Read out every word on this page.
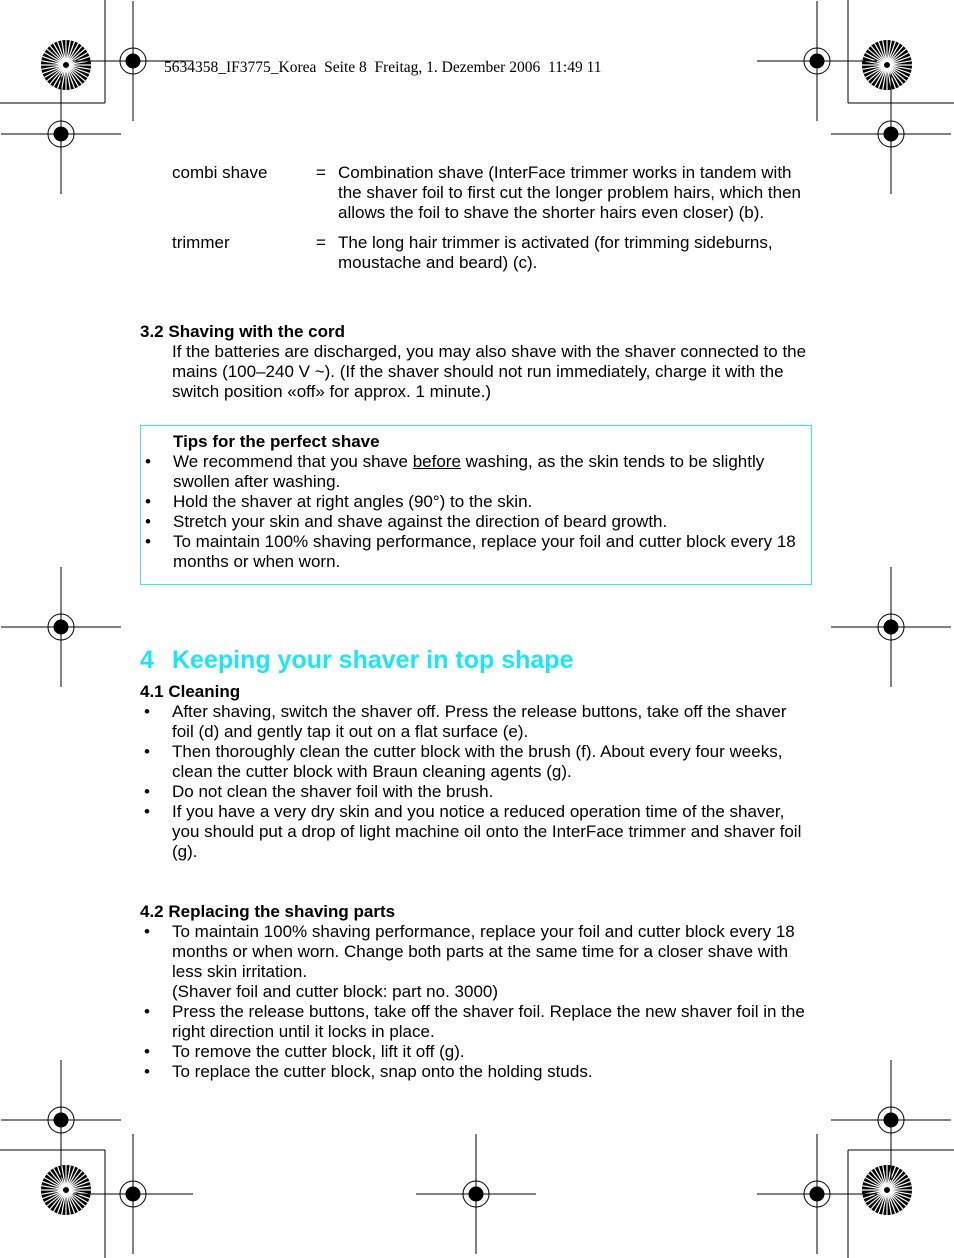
5634358_IF3775_Korea  Seite 8  Freitag, 1. Dezember 2006  11:49 11
combi shave	= Combination shave (InterFace trimmer works in tandem with the shaver foil to first cut the longer problem hairs, which then allows the foil to shave the shorter hairs even closer) (b).
trimmer	= The long hair trimmer is activated (for trimming sideburns, moustache and beard) (c).
3.2 Shaving with the cord
If the batteries are discharged, you may also shave with the shaver connected to the mains (100–240 V ~). (If the shaver should not run immediately, charge it with the switch position «off» for approx. 1 minute.)
Tips for the perfect shave
• We recommend that you shave before washing, as the skin tends to be slightly swollen after washing.
• Hold the shaver at right angles (90°) to the skin.
• Stretch your skin and shave against the direction of beard growth.
• To maintain 100% shaving performance, replace your foil and cutter block every 18 months or when worn.
4 Keeping your shaver in top shape
4.1 Cleaning
• After shaving, switch the shaver off. Press the release buttons, take off the shaver foil (d) and gently tap it out on a flat surface (e).
• Then thoroughly clean the cutter block with the brush (f). About every four weeks, clean the cutter block with Braun cleaning agents (g).
• Do not clean the shaver foil with the brush.
• If you have a very dry skin and you notice a reduced operation time of the shaver, you should put a drop of light machine oil onto the InterFace trimmer and shaver foil (g).
4.2 Replacing the shaving parts
• To maintain 100% shaving performance, replace your foil and cutter block every 18 months or when worn. Change both parts at the same time for a closer shave with less skin irritation.
(Shaver foil and cutter block: part no. 3000)
• Press the release buttons, take off the shaver foil. Replace the new shaver foil in the right direction until it locks in place.
• To remove the cutter block, lift it off (g).
• To replace the cutter block, snap onto the holding studs.
